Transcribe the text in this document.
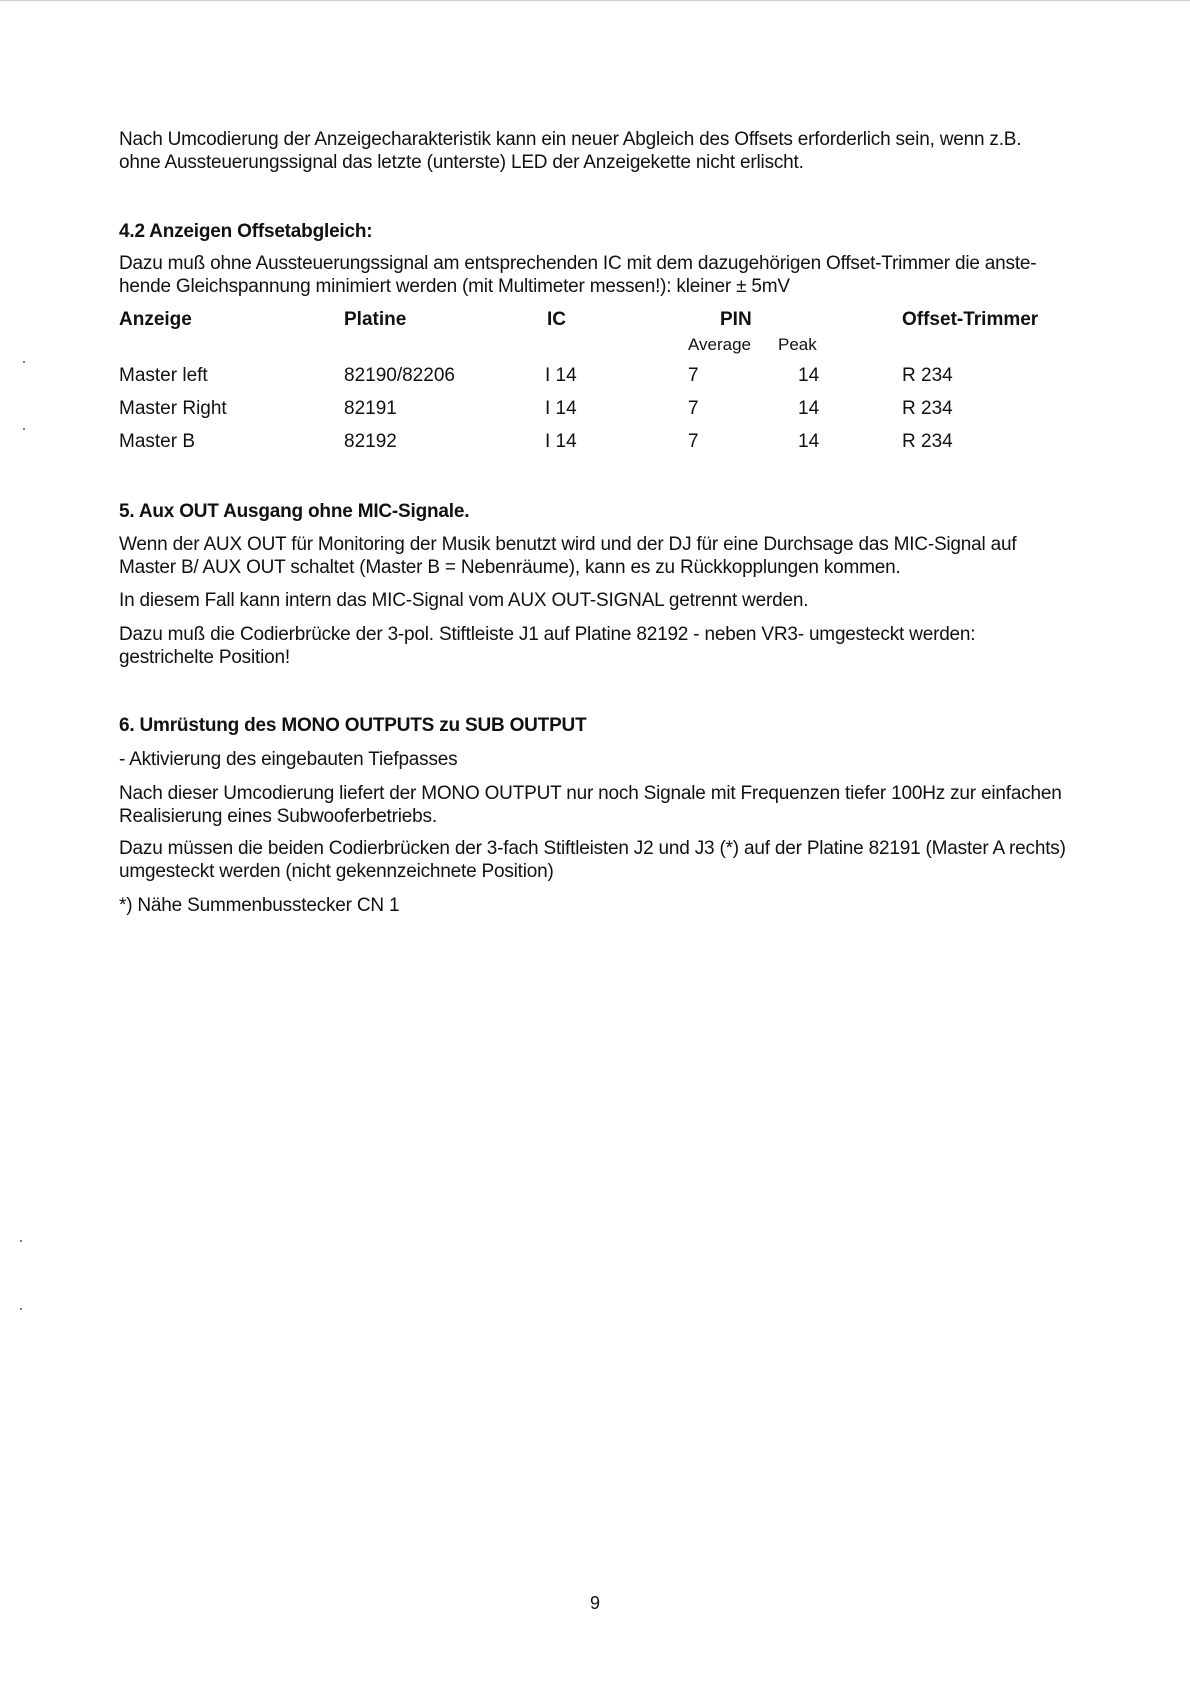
Nach Umcodierung der Anzeigecharakteristik kann ein neuer Abgleich des Offsets erforderlich sein, wenn z.B.
ohne Aussteuerungssignal das letzte (unterste) LED der Anzeigekette nicht erlischt.
4.2 Anzeigen Offsetabgleich:
Dazu muß ohne Aussteuerungssignal am entsprechenden IC mit dem dazugehörigen Offset-Trimmer die anste-
hende Gleichspannung minimiert werden (mit Multimeter messen!): kleiner ± 5mV
Anzeige	Platine	IC	PIN	Offset-Trimmer
Average Peak
Master left	82190/82206	I 14	7	14	R 234
Master Right	82191	I 14	7	14	R 234
Master B	82192	I 14	7	14	R 234
5. Aux OUT Ausgang ohne MIC-Signale.
Wenn der AUX OUT für Monitoring der Musik benutzt wird und der DJ für eine Durchsage das MIC-Signal auf
Master B/ AUX OUT schaltet (Master B = Nebenräume), kann es zu Rückkopplungen kommen.
In diesem Fall kann intern das MIC-Signal vom AUX OUT-SIGNAL getrennt werden.
Dazu muß die Codierbrücke der 3-pol. Stiftleiste J1 auf Platine 82192 - neben VR3- umgesteckt werden:
gestrichelte Position!
6. Umrüstung des MONO OUTPUTS zu SUB OUTPUT
- Aktivierung des eingebauten Tiefpasses
Nach dieser Umcodierung liefert der MONO OUTPUT nur noch Signale mit Frequenzen tiefer 100Hz zur einfachen
Realisierung eines Subwooferbetriebs.
Dazu müssen die beiden Codierbrücken der 3-fach Stiftleisten J2 und J3 (*) auf der Platine 82191 (Master A rechts)
umgesteckt werden (nicht gekennzeichnete Position)
*) Nähe Summenbusstecker CN 1
9
